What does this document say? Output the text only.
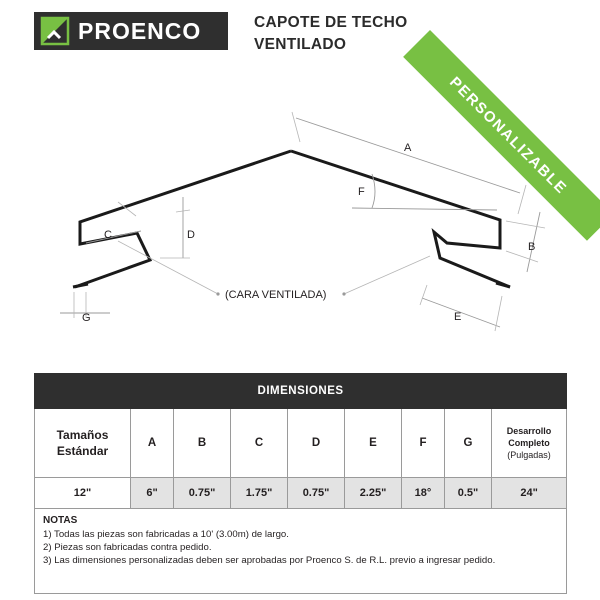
PROENCO	CAPOTE DE TECHO
VENTILADO
PERSONALIZABLE
A
F
C	D
B
E
G
(CARA VENTILADA)
DIMENSIONES								
Tamaños
Estándar	A	B	C	D	E	F	G	Desarrollo
Completo
(Pulgadas)

12"	6"	0.75"	1.75"	0.75"	2.25"	18°	0.5"	24"

NOTAS
1) Todas las piezas son fabricadas a 10' (3.00m) de largo.
2) Piezas son fabricadas contra pedido.
3) Las dimensiones personalizadas deben ser aprobadas por Proenco S. de R.L. previo a ingresar pedido.								
